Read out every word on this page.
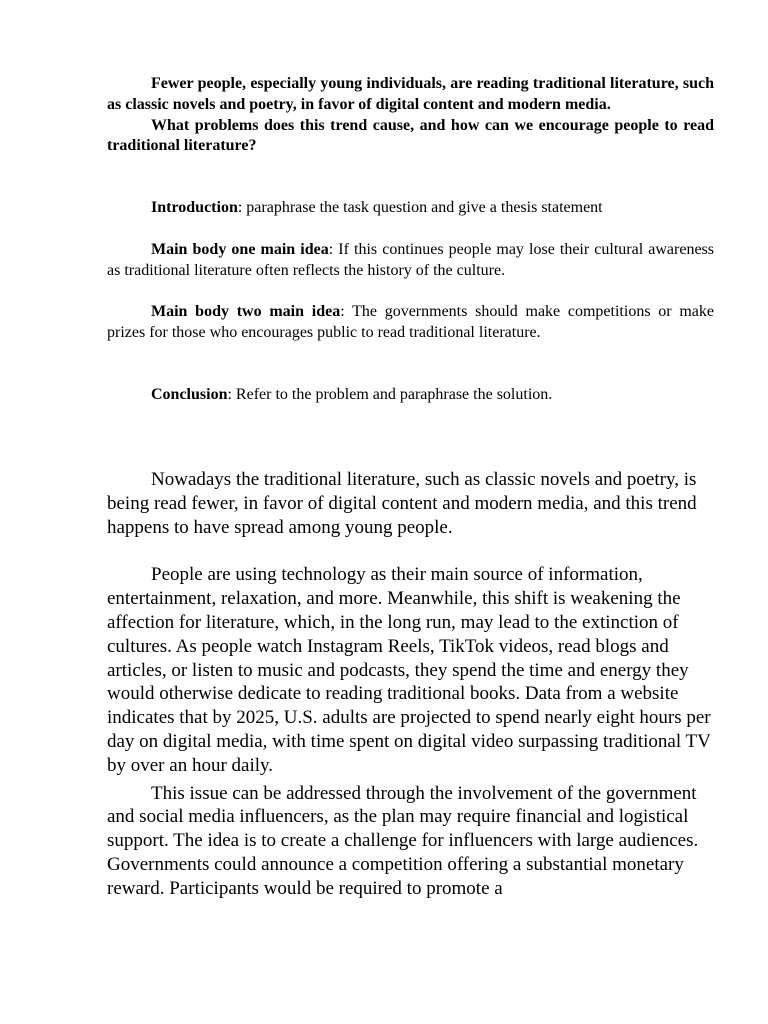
Fewer people, especially young individuals, are reading traditional literature, such as classic novels and poetry, in favor of digital content and modern media.

What problems does this trend cause, and how can we encourage people to read traditional literature?

Introduction: paraphrase the task question and give a thesis statement

Main body one main idea: If this continues people may lose their cultural awareness as traditional literature often reflects the history of the culture.

Main body two main idea: The governments should make competitions or make prizes for those who encourages public to read traditional literature.

Conclusion: Refer to the problem and paraphrase the solution.

Nowadays the traditional literature, such as classic novels and poetry, is being read fewer, in favor of digital content and modern media, and this trend happens to have spread among young people.

People are using technology as their main source of information, entertainment, relaxation, and more. Meanwhile, this shift is weakening the affection for literature, which, in the long run, may lead to the extinction of cultures. As people watch Instagram Reels, TikTok videos, read blogs and articles, or listen to music and podcasts, they spend the time and energy they would otherwise dedicate to reading traditional books. Data from a website indicates that by 2025, U.S. adults are projected to spend nearly eight hours per day on digital media, with time spent on digital video surpassing traditional TV by over an hour daily.

This issue can be addressed through the involvement of the government and social media influencers, as the plan may require financial and logistical support. The idea is to create a challenge for influencers with large audiences. Governments could announce a competition offering a substantial monetary reward. Participants would be required to promote a
